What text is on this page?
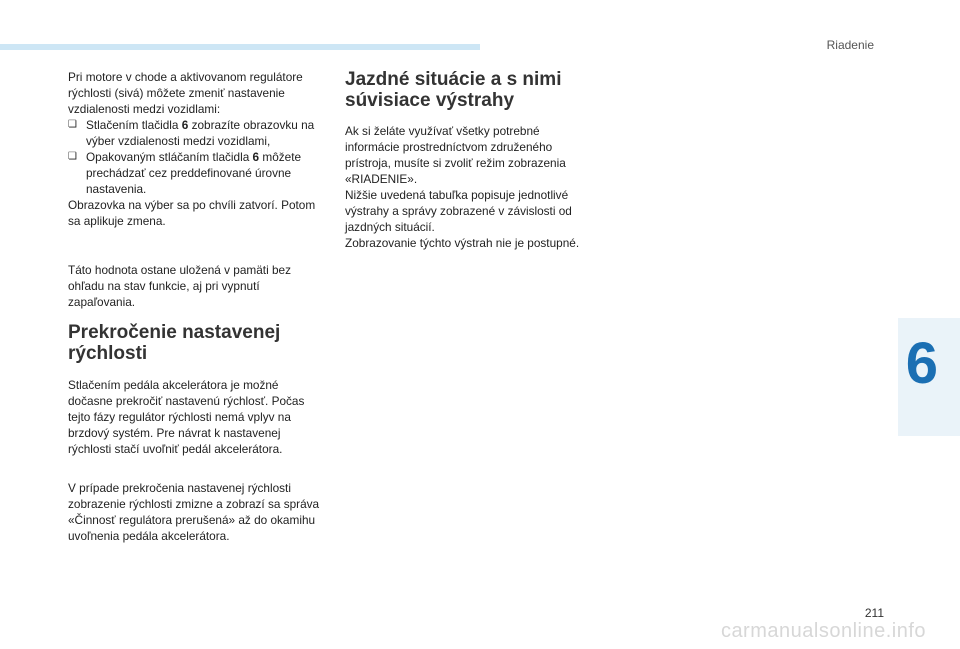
Riadenie
6

Pri motore v chode a aktivovanom regulátore rýchlosti (sivá) môžete zmeniť nastavenie vzdialenosti medzi vozidlami:

❏ Stlačením tlačidla 6 zobrazíte obrazovku na výber vzdialenosti medzi vozidlami,
❏ Opakovaným stláčaním tlačidla 6 môžete prechádzať cez preddefinované úrovne nastavenia.

Obrazovka na výber sa po chvíli zatvorí. Potom sa aplikuje zmena.

Táto hodnota ostane uložená v pamäti bez ohľadu na stav funkcie, aj pri vypnutí zapaľovania.

Prekročenie nastavenej
rýchlosti

Stlačením pedála akcelerátora je možné dočasne prekročiť nastavenú rýchlosť. Počas tejto fázy regulátor rýchlosti nemá vplyv na brzdový systém. Pre návrat k nastavenej rýchlosti stačí uvoľniť pedál akcelerátora.

V prípade prekročenia nastavenej rýchlosti zobrazenie rýchlosti zmizne a zobrazí sa správa «Činnosť regulátora prerušená» až do okamihu uvoľnenia pedála akcelerátora.

Jazdné situácie a s nimi
súvisiace výstrahy

Ak si želáte využívať všetky potrebné informácie prostredníctvom združeného prístroja, musíte si zvoliť režim zobrazenia «RIADENIE».

Nižšie uvedená tabuľka popisuje jednotlivé výstrahy a správy zobrazené v závislosti od jazdných situácií.

Zobrazovanie týchto výstrah nie je postupné.

211
carmanualsonline.info
